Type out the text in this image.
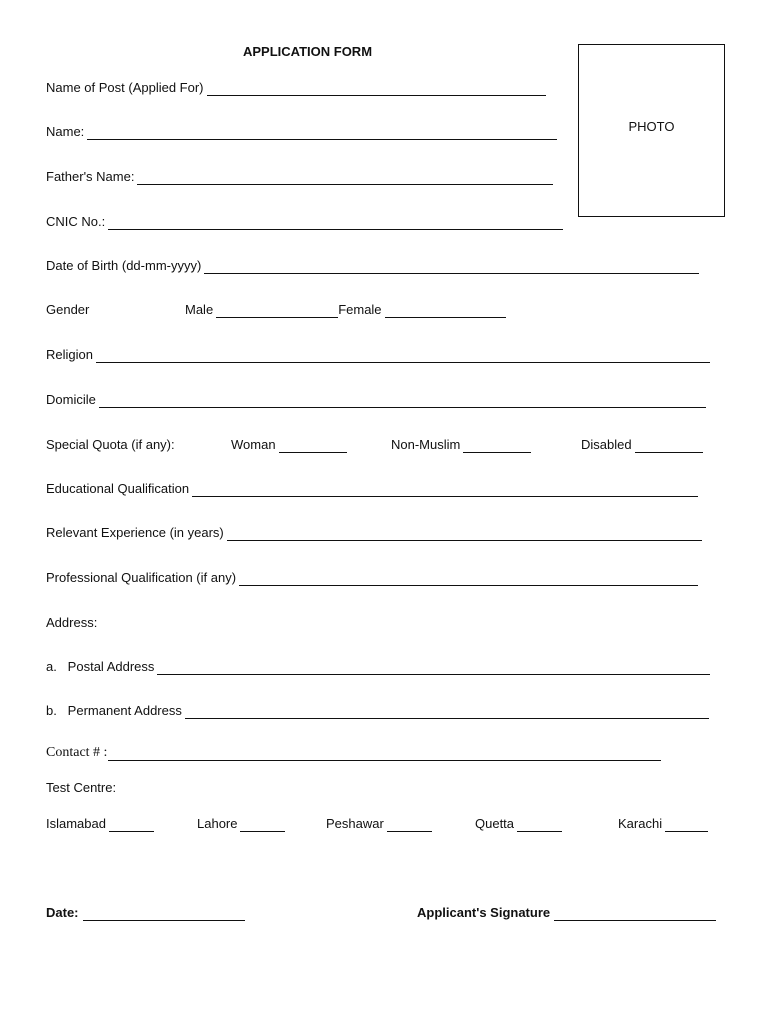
APPLICATION FORM
PHOTO
Name of Post (Applied For)
Name:
Father's Name:
CNIC No.:
Date of Birth (dd-mm-yyyy)
Gender	Male	Female
Religion
Domicile
Special Quota (if any):	Woman	Non-Muslim	Disabled
Educational Qualification
Relevant Experience (in years)
Professional Qualification (if any)
Address:
a.   Postal Address
b.   Permanent Address
Contact # :
Test Centre:
Islamabad	Lahore	Peshawar	Quetta	Karachi
Date:	Applicant's Signature
